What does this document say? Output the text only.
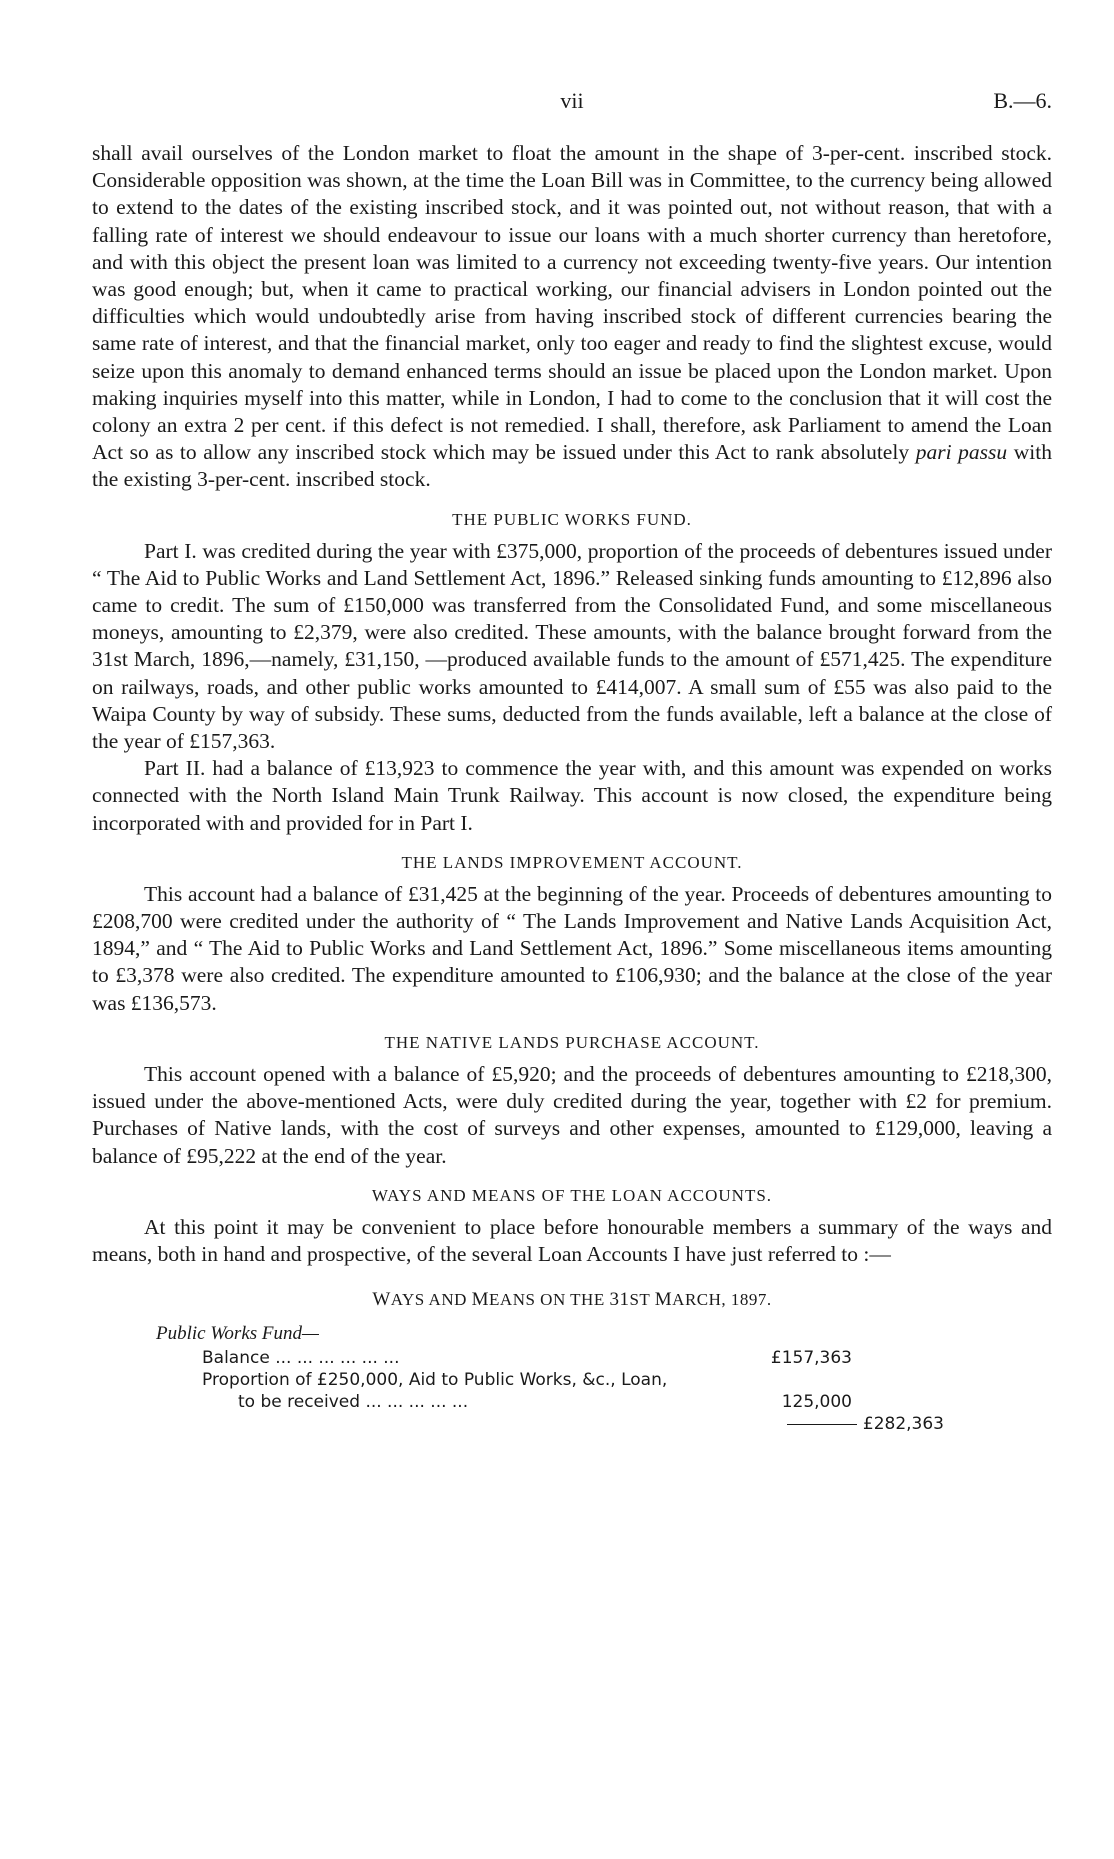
vii	B.—6.

shall avail ourselves of the London market to float the amount in the shape of 3-per-cent. inscribed stock. Considerable opposition was shown, at the time the Loan Bill was in Committee, to the currency being allowed to extend to the dates of the existing inscribed stock, and it was pointed out, not without reason, that with a falling rate of interest we should endeavour to issue our loans with a much shorter currency than heretofore, and with this object the present loan was limited to a currency not exceeding twenty-five years. Our intention was good enough; but, when it came to practical working, our financial advisers in London pointed out the difficulties which would undoubtedly arise from having inscribed stock of different currencies bearing the same rate of interest, and that the financial market, only too eager and ready to find the slightest excuse, would seize upon this anomaly to demand enhanced terms should an issue be placed upon the London market. Upon making inquiries myself into this matter, while in London, I had to come to the conclusion that it will cost the colony an extra 2 per cent. if this defect is not remedied. I shall, therefore, ask Parliament to amend the Loan Act so as to allow any inscribed stock which may be issued under this Act to rank absolutely pari passu with the existing 3-per-cent. inscribed stock.

THE PUBLIC WORKS FUND.

Part I. was credited during the year with £375,000, proportion of the proceeds of debentures issued under “ The Aid to Public Works and Land Settlement Act, 1896.” Released sinking funds amounting to £12,896 also came to credit. The sum of £150,000 was transferred from the Consolidated Fund, and some miscellaneous moneys, amounting to £2,379, were also credited. These amounts, with the balance brought forward from the 31st March, 1896,—namely, £31,150, —produced available funds to the amount of £571,425. The expenditure on railways, roads, and other public works amounted to £414,007. A small sum of £55 was also paid to the Waipa County by way of subsidy. These sums, deducted from the funds available, left a balance at the close of the year of £157,363.

Part II. had a balance of £13,923 to commence the year with, and this amount was expended on works connected with the North Island Main Trunk Railway. This account is now closed, the expenditure being incorporated with and provided for in Part I.

THE LANDS IMPROVEMENT ACCOUNT.

This account had a balance of £31,425 at the beginning of the year. Proceeds of debentures amounting to £208,700 were credited under the authority of “ The Lands Improvement and Native Lands Acquisition Act, 1894,” and “ The Aid to Public Works and Land Settlement Act, 1896.” Some miscellaneous items amounting to £3,378 were also credited. The expenditure amounted to £106,930; and the balance at the close of the year was £136,573.

THE NATIVE LANDS PURCHASE ACCOUNT.

This account opened with a balance of £5,920; and the proceeds of debentures amounting to £218,300, issued under the above-mentioned Acts, were duly credited during the year, together with £2 for premium. Purchases of Native lands, with the cost of surveys and other expenses, amounted to £129,000, leaving a balance of £95,222 at the end of the year.

WAYS AND MEANS OF THE LOAN ACCOUNTS.

At this point it may be convenient to place before honourable members a summary of the ways and means, both in hand and prospective, of the several Loan Accounts I have just referred to :—

WAYS AND MEANS ON THE 31ST MARCH, 1897.
Public Works Fund—
Balance ... ... ... ... ... ...	£157,363
Proportion of £250,000, Aid to Public Works, &c., Loan,
to be received ... ... ... ... ...	125,000
£282,363
